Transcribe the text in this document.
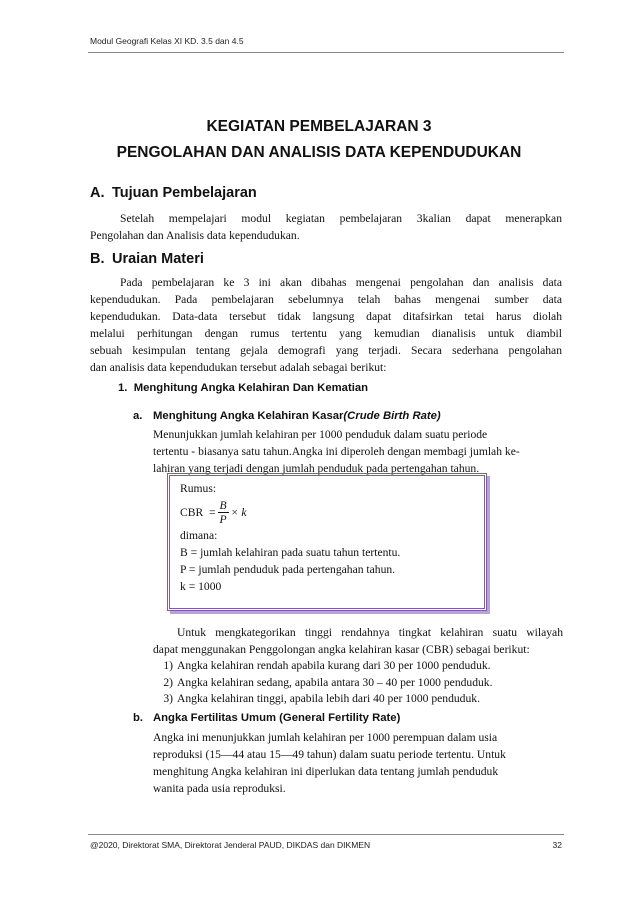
Modul Geografi Kelas XI KD. 3.5 dan 4.5
KEGIATAN PEMBELAJARAN 3
PENGOLAHAN DAN ANALISIS DATA KEPENDUDUKAN
A. Tujuan Pembelajaran
Setelah mempelajari modul kegiatan pembelajaran 3kalian dapat menerapkan
Pengolahan dan Analisis data kependudukan.
B. Uraian Materi
Pada pembelajaran ke 3 ini akan dibahas mengenai pengolahan dan analisis data
kependudukan. Pada pembelajaran sebelumnya telah bahas mengenai sumber data
kependudukan. Data-data tersebut tidak langsung dapat ditafsirkan tetai harus diolah
melalui perhitungan dengan rumus tertentu yang kemudian dianalisis untuk diambil
sebuah kesimpulan tentang gejala demografi yang terjadi. Secara sederhana pengolahan
dan analisis data kependudukan tersebut adalah sebagai berikut:
1. Menghitung Angka Kelahiran Dan Kematian
a. Menghitung Angka Kelahiran Kasar(Crude Birth Rate)
Menunjukkan jumlah kelahiran per 1000 penduduk dalam suatu periode
tertentu - biasanya satu tahun.Angka ini diperoleh dengan membagi jumlah ke-
lahiran yang terjadi dengan jumlah penduduk pada pertengahan tahun.
Rumus:
CBR
= $\frac{B}{P} \times k$
dimana:
B = jumlah kelahiran pada suatu tahun tertentu.
P = jumlah penduduk pada pertengahan tahun.
k = 1000
Untuk mengkategorikan tinggi rendahnya tingkat kelahiran suatu wilayah
dapat menggunakan Penggolongan angka kelahiran kasar (CBR) sebagai berikut:
1) Angka kelahiran rendah apabila kurang dari 30 per 1000 penduduk.
2) Angka kelahiran sedang, apabila antara 30 – 40 per 1000 penduduk.
3) Angka kelahiran tinggi, apabila lebih dari 40 per 1000 penduduk.
b. Angka Fertilitas Umum (General Fertility Rate)
Angka ini menunjukkan jumlah kelahiran per 1000 perempuan dalam usia
reproduksi (15—44 atau 15—49 tahun) dalam suatu periode tertentu. Untuk
menghitung Angka kelahiran ini diperlukan data tentang jumlah penduduk
wanita pada usia reproduksi.
@2020, Direktorat SMA, Direktorat Jenderal PAUD, DIKDAS dan DIKMEN	32
